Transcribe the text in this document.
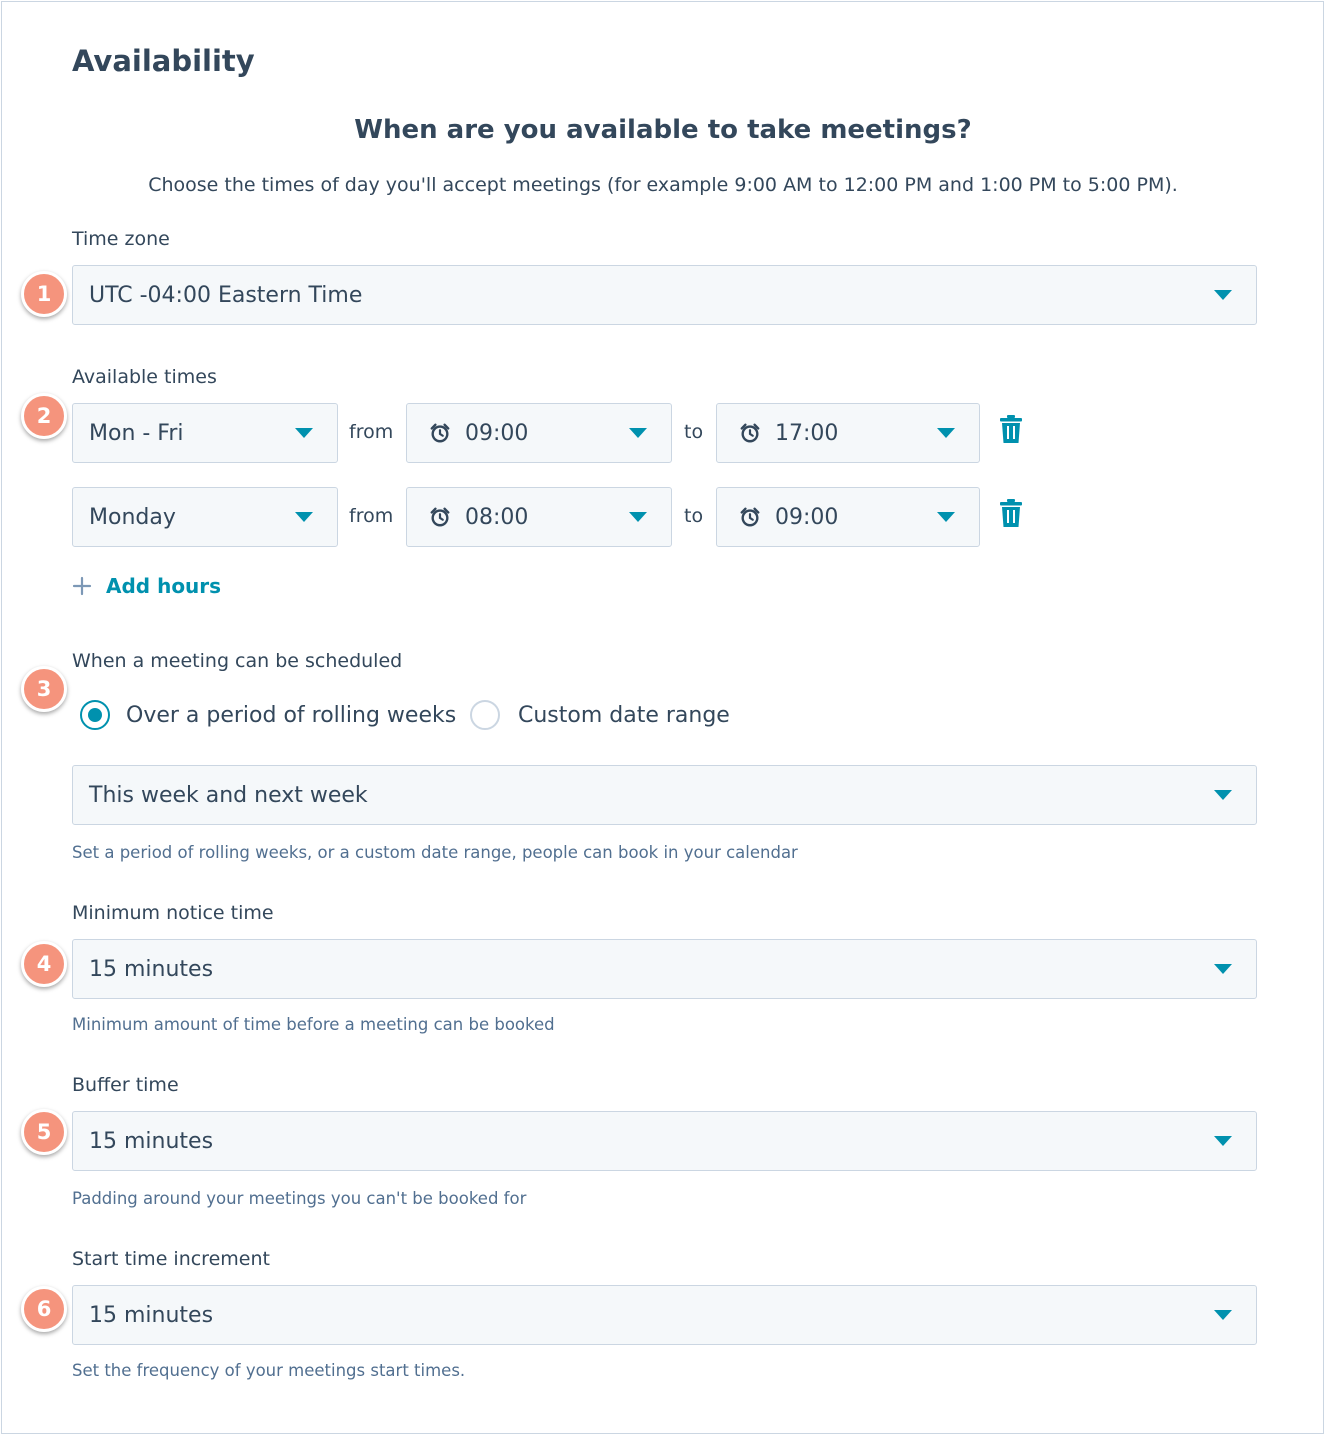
Availability
When are you available to take meetings?
Choose the times of day you'll accept meetings (for example 9:00 AM to 12:00 PM and 1:00 PM to 5:00 PM).
Time zone
1	UTC -04:00 Eastern Time
Available times
2
Mon - Fri	from	09:00	to	17:00
Monday	from	08:00	to	09:00
Add hours
When a meeting can be scheduled
3
Over a period of rolling weeks	Custom date range
This week and next week
Set a period of rolling weeks, or a custom date range, people can book in your calendar
Minimum notice time
4	15 minutes
Minimum amount of time before a meeting can be booked
Buffer time
5	15 minutes
Padding around your meetings you can't be booked for
Start time increment
6	15 minutes
Set the frequency of your meetings start times.
